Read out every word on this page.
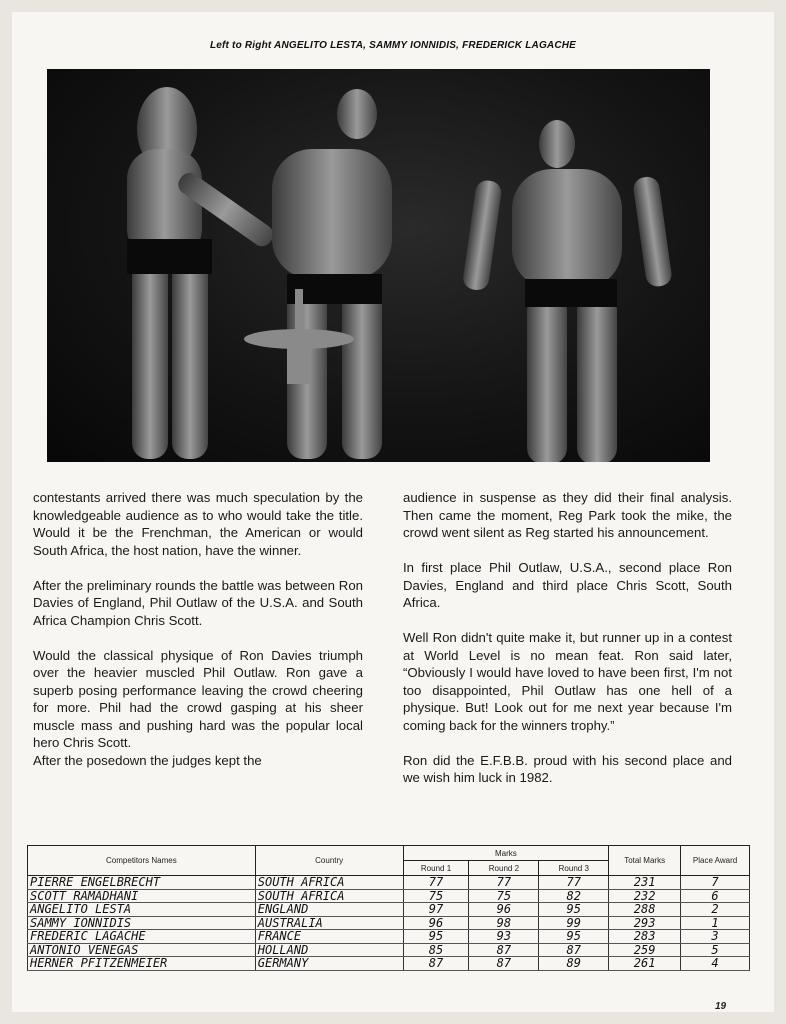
Left to Right ANGELITO LESTA, SAMMY IONNIDIS, FREDERICK LAGACHE

contestants arrived there was much speculation by the knowledgeable audience as to who would take the title. Would it be the Frenchman, the American or would South Africa, the host nation, have the winner.

After the preliminary rounds the battle was between Ron Davies of England, Phil Outlaw of the U.S.A. and South Africa Champion Chris Scott.

Would the classical physique of Ron Davies triumph over the heavier muscled Phil Outlaw. Ron gave a superb posing performance leaving the crowd cheering for more. Phil had the crowd gasping at his sheer muscle mass and pushing hard was the popular local hero Chris Scott.

After the posedown the judges kept the

audience in suspense as they did their final analysis. Then came the moment, Reg Park took the mike, the crowd went silent as Reg started his announcement.

In first place Phil Outlaw, U.S.A., second place Ron Davies, England and third place Chris Scott, South Africa.

Well Ron didn't quite make it, but runner up in a contest at World Level is no mean feat. Ron said later, “Obviously I would have loved to have been first, I'm not too disappointed, Phil Outlaw has one hell of a physique. But! Look out for me next year because I'm coming back for the winners trophy.”

Ron did the E.F.B.B. proud with his second place and we wish him luck in 1982.

Competitors Names	Country	Marks			Total Marks	Place Award
		Round 1	Round 2	Round 3		
PIERRE ENGELBRECHT	SOUTH AFRICA	77	77	77	231	7
SCOTT RAMADHANI	SOUTH AFRICA	75	75	82	232	6
ANGELITO LESTA	ENGLAND	97	96	95	288	2
SAMMY IONNIDIS	AUSTRALIA	96	98	99	293	1
FREDERIC LAGACHE	FRANCE	95	93	95	283	3
ANTONIO VENEGAS	HOLLAND	85	87	87	259	5
HERNER PFITZENMEIER	GERMANY	87	87	89	261	4
19
